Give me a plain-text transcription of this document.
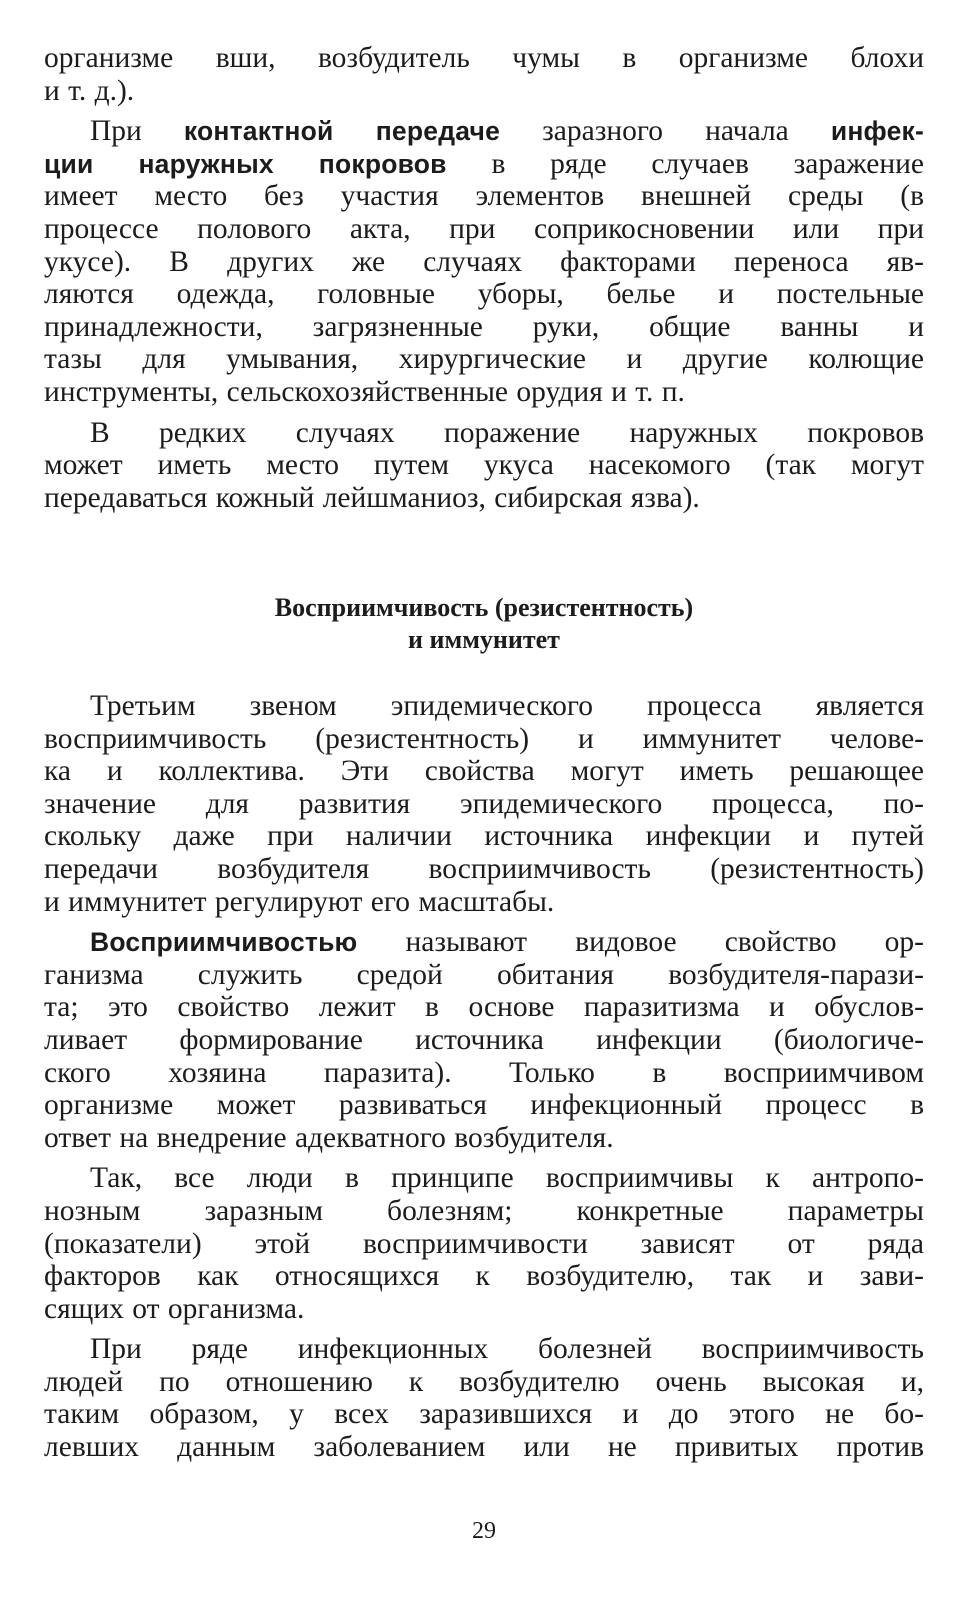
организме вши, возбудитель чумы в организме блохи
и т. д.).
При контактной передаче заразного начала инфек-
ции наружных покровов в ряде случаев заражение
имеет место без участия элементов внешней среды (в
процессе полового акта, при соприкосновении или при
укусе). В других же случаях факторами переноса яв-
ляются одежда, головные уборы, белье и постельные
принадлежности, загрязненные руки, общие ванны и
тазы для умывания, хирургические и другие колющие
инструменты, сельскохозяйственные орудия и т. п.
В редких случаях поражение наружных покровов
может иметь место путем укуса насекомого (так могут
передаваться кожный лейшманиоз, сибирская язва).
Восприимчивость (резистентность)
и иммунитет
Третьим звеном эпидемического процесса является
восприимчивость (резистентность) и иммунитет челове-
ка и коллектива. Эти свойства могут иметь решающее
значение для развития эпидемического процесса, по-
скольку даже при наличии источника инфекции и путей
передачи возбудителя восприимчивость (резистентность)
и иммунитет регулируют его масштабы.
Восприимчивостью называют видовое свойство ор-
ганизма служить средой обитания возбудителя-парази-
та; это свойство лежит в основе паразитизма и обуслов-
ливает формирование источника инфекции (биологиче-
ского хозяина паразита). Только в восприимчивом
организме может развиваться инфекционный процесс в
ответ на внедрение адекватного возбудителя.
Так, все люди в принципе восприимчивы к антропо-
нозным заразным болезням; конкретные параметры
(показатели) этой восприимчивости зависят от ряда
факторов как относящихся к возбудителю, так и зави-
сящих от организма.
При ряде инфекционных болезней восприимчивость
людей по отношению к возбудителю очень высокая и,
таким образом, у всех заразившихся и до этого не бо-
левших данным заболеванием или не привитых против
29
